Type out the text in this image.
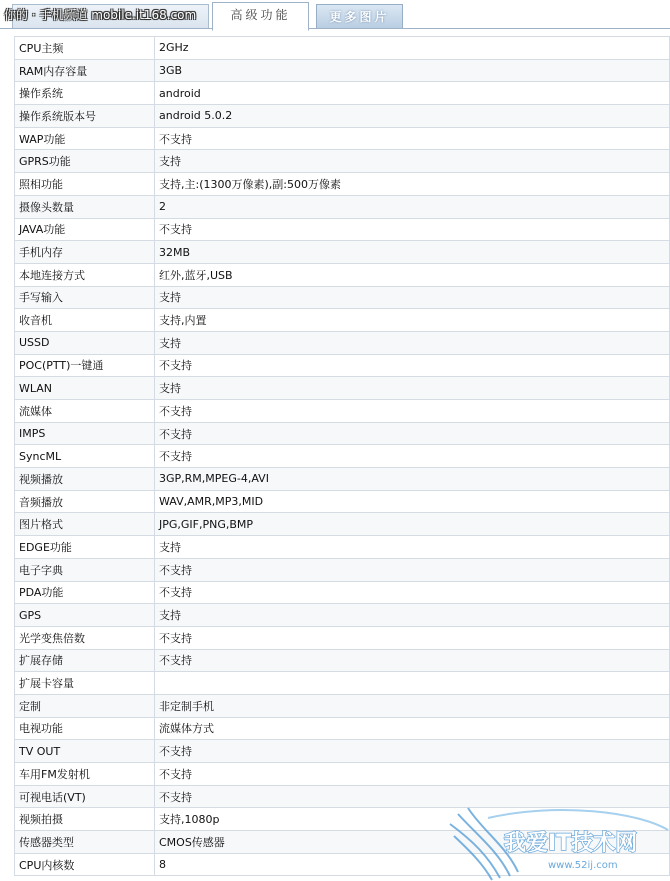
高级功能	更多图片
你的 · 手机频道 mobile.it168.com
CPU主频	2GHz
RAM内存容量	3GB
操作系统	android
操作系统版本号	android 5.0.2
WAP功能	不支持
GPRS功能	支持
照相功能	支持,主:(1300万像素),副:500万像素
摄像头数量	2
JAVA功能	不支持
手机内存	32MB
本地连接方式	红外,蓝牙,USB
手写输入	支持
收音机	支持,内置
USSD	支持
POC(PTT)一键通	不支持
WLAN	支持
流媒体	不支持
IMPS	不支持
SyncML	不支持
视频播放	3GP,RM,MPEG-4,AVI
音频播放	WAV,AMR,MP3,MID
图片格式	JPG,GIF,PNG,BMP
EDGE功能	支持
电子字典	不支持
PDA功能	不支持
GPS	支持
光学变焦倍数	不支持
扩展存储	不支持
扩展卡容量	
定制	非定制手机
电视功能	流媒体方式
TV OUT	不支持
车用FM发射机	不支持
可视电话(VT)	不支持
视频拍摄	支持,1080p
传感器类型	CMOS传感器
CPU内核数	8
我爱IT技术网
www.52ij.com
